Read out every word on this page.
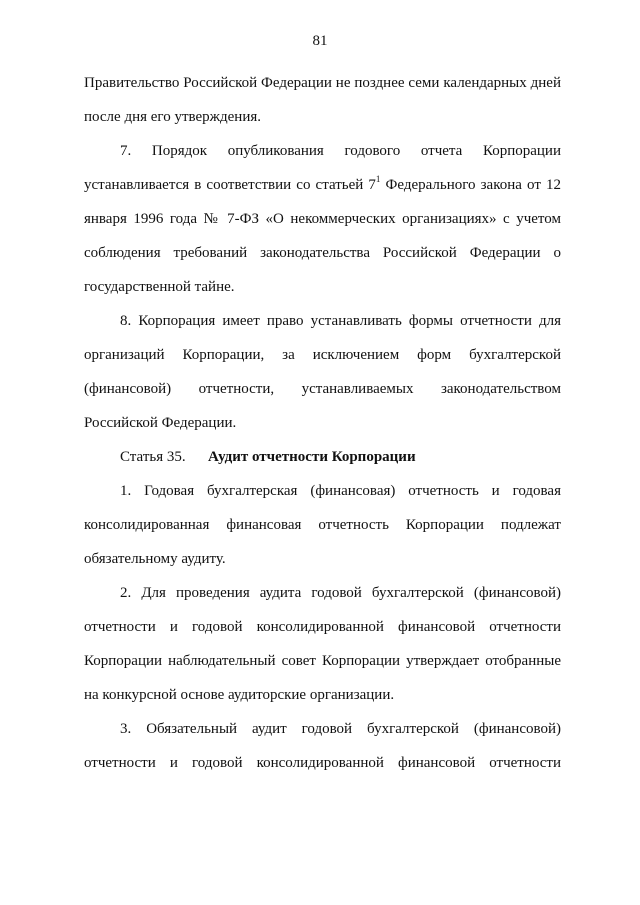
81

Правительство Российской Федерации не позднее семи календарных дней после дня его утверждения.

7. Порядок опубликования годового отчета Корпорации устанавливается в соответствии со статьей $7^1$ Федерального закона от 12 января 1996 года № 7-ФЗ «О некоммерческих организациях» с учетом соблюдения требований законодательства Российской Федерации о государственной тайне.

8. Корпорация имеет право устанавливать формы отчетности для организаций Корпорации, за исключением форм бухгалтерской (финансовой) отчетности, устанавливаемых законодательством Российской Федерации.

Статья 35. Аудит отчетности Корпорации

1. Годовая бухгалтерская (финансовая) отчетность и годовая консолидированная финансовая отчетность Корпорации подлежат обязательному аудиту.

2. Для проведения аудита годовой бухгалтерской (финансовой) отчетности и годовой консолидированной финансовой отчетности Корпорации наблюдательный совет Корпорации утверждает отобранные на конкурсной основе аудиторские организации.

3. Обязательный аудит годовой бухгалтерской (финансовой) отчетности и годовой консолидированной финансовой отчетности
